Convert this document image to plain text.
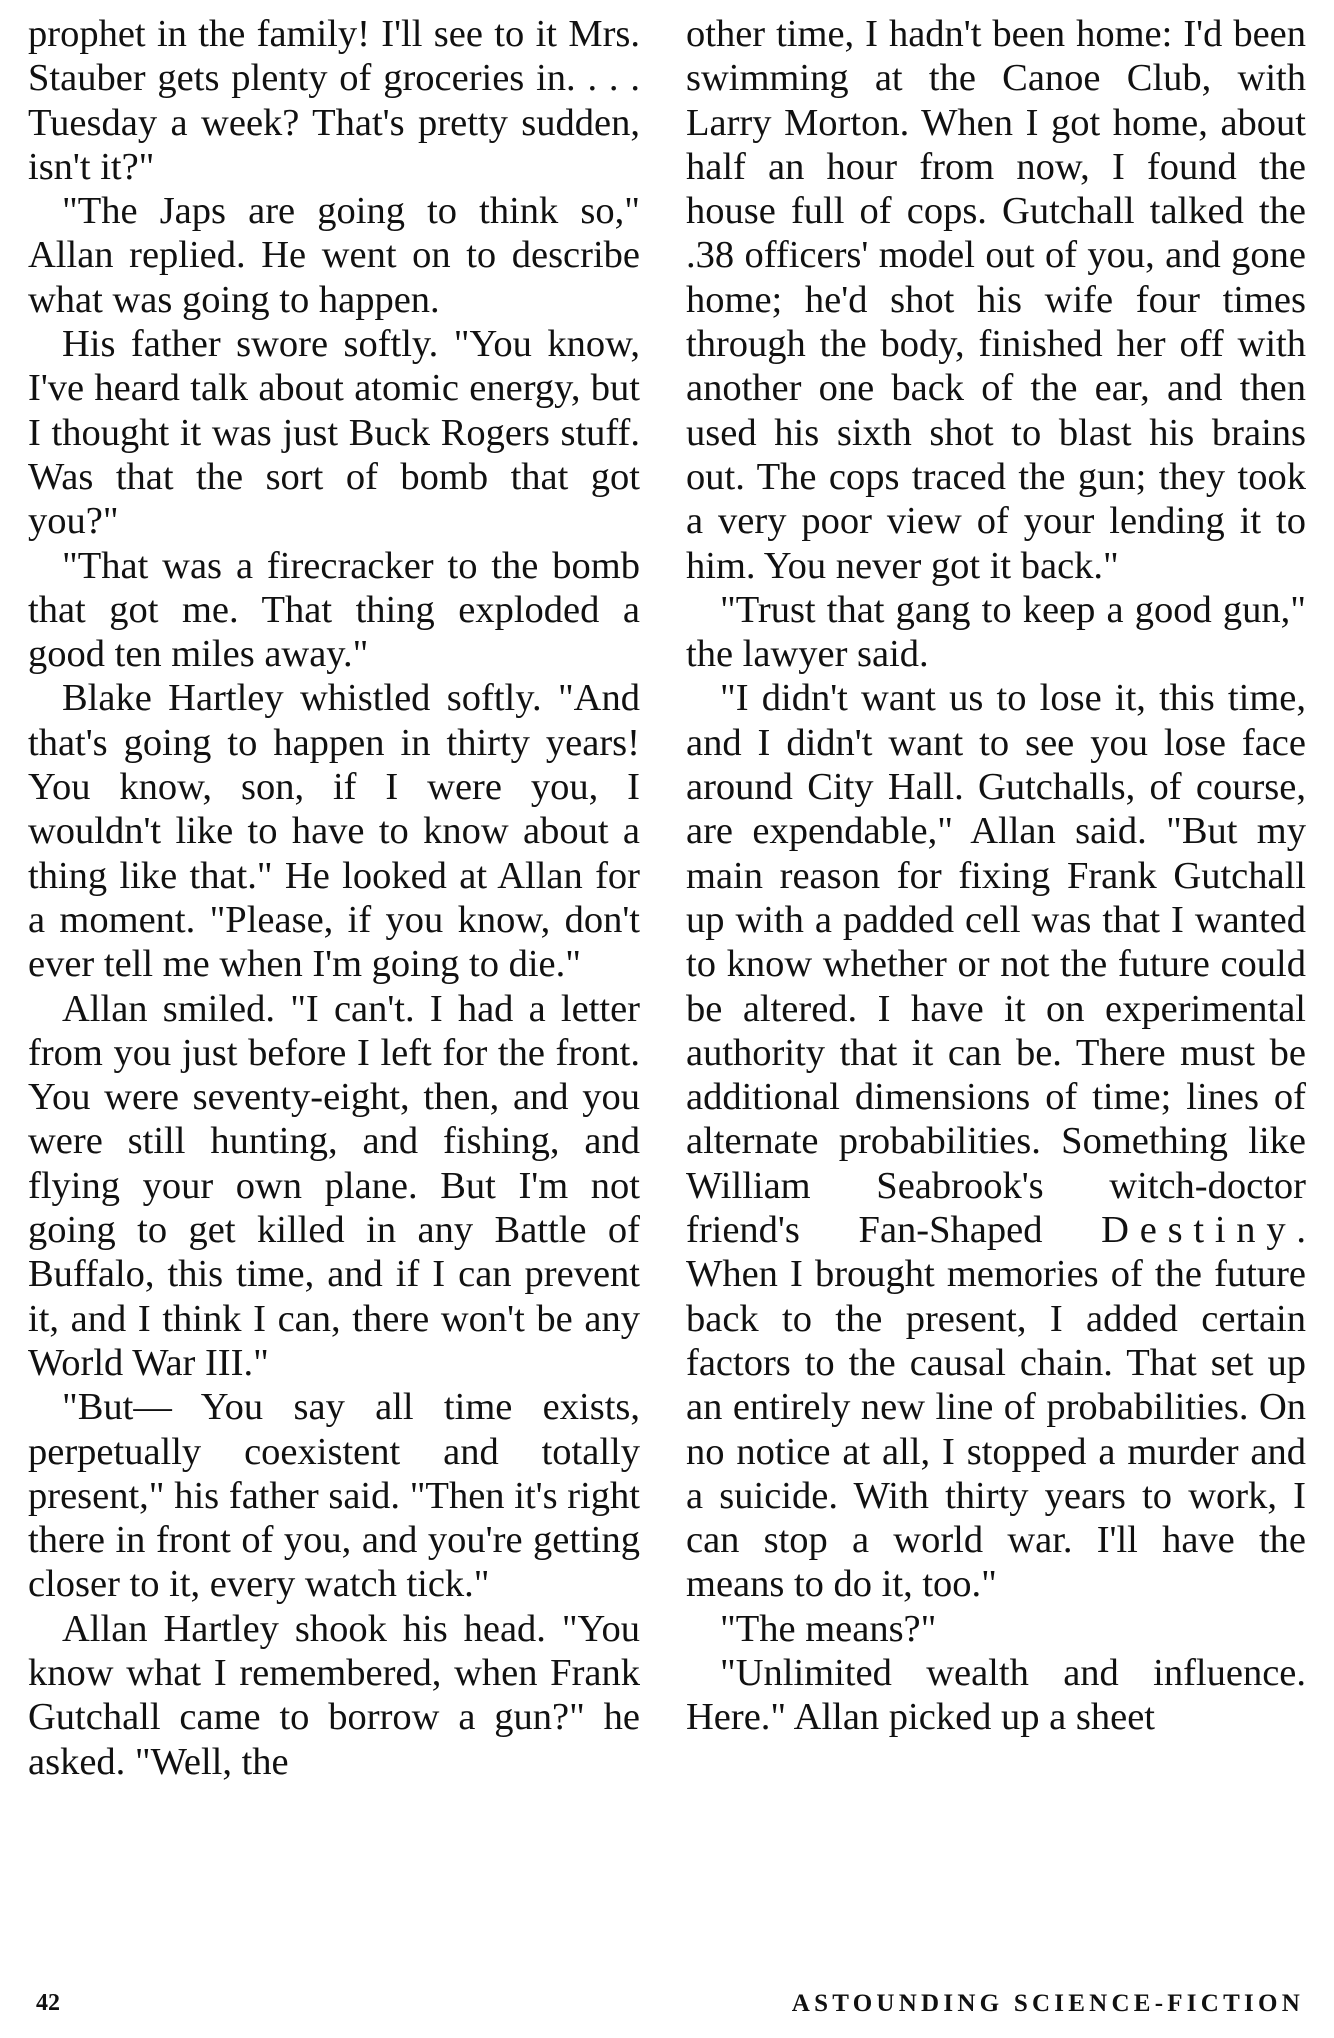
prophet in the family! I'll see to it Mrs. Stauber gets plenty of groceries in. . . . Tuesday a week? That's pretty sudden, isn't it?"

"The Japs are going to think so," Allan replied. He went on to describe what was going to happen.

His father swore softly. "You know, I've heard talk about atomic energy, but I thought it was just Buck Rogers stuff. Was that the sort of bomb that got you?"

"That was a firecracker to the bomb that got me. That thing exploded a good ten miles away."

Blake Hartley whistled softly. "And that's going to happen in thirty years! You know, son, if I were you, I wouldn't like to have to know about a thing like that." He looked at Allan for a moment. "Please, if you know, don't ever tell me when I'm going to die."

Allan smiled. "I can't. I had a letter from you just before I left for the front. You were seventy-eight, then, and you were still hunting, and fishing, and flying your own plane. But I'm not going to get killed in any Battle of Buffalo, this time, and if I can prevent it, and I think I can, there won't be any World War III."

"But— You say all time exists, perpetually coexistent and totally present," his father said. "Then it's right there in front of you, and you're getting closer to it, every watch tick."

Allan Hartley shook his head. "You know what I remembered, when Frank Gutchall came to borrow a gun?" he asked. "Well, the

other time, I hadn't been home: I'd been swimming at the Canoe Club, with Larry Morton. When I got home, about half an hour from now, I found the house full of cops. Gutchall talked the .38 officers' model out of you, and gone home; he'd shot his wife four times through the body, finished her off with another one back of the ear, and then used his sixth shot to blast his brains out. The cops traced the gun; they took a very poor view of your lending it to him. You never got it back."

"Trust that gang to keep a good gun," the lawyer said.

"I didn't want us to lose it, this time, and I didn't want to see you lose face around City Hall. Gutchalls, of course, are expendable," Allan said. "But my main reason for fixing Frank Gutchall up with a padded cell was that I wanted to know whether or not the future could be altered. I have it on experimental authority that it can be. There must be additional dimensions of time; lines of alternate probabilities. Something like William Seabrook's witch-doctor friend's Fan-Shaped Destiny. When I brought memories of the future back to the present, I added certain factors to the causal chain. That set up an entirely new line of probabilities. On no notice at all, I stopped a murder and a suicide. With thirty years to work, I can stop a world war. I'll have the means to do it, too."

"The means?"

"Unlimited wealth and influence. Here." Allan picked up a sheet

42	ASTOUNDING SCIENCE-FICTION
